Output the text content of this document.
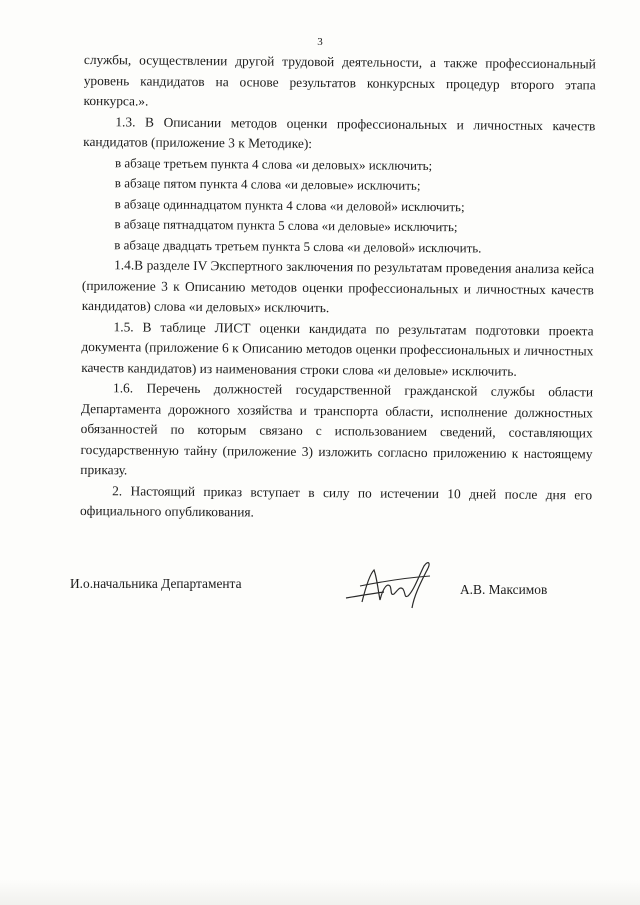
3

службы, осуществлении другой трудовой деятельности, а также профессиональный уровень кандидатов на основе результатов конкурсных процедур второго этапа конкурса.».

1.3. В Описании методов оценки профессиональных и личностных качеств кандидатов (приложение 3 к Методике):

в абзаце третьем пункта 4 слова «и деловых» исключить;

в абзаце пятом пункта 4 слова «и деловые» исключить;

в абзаце одиннадцатом пункта 4 слова «и деловой» исключить;

в абзаце пятнадцатом пункта 5 слова «и деловые» исключить;

в абзаце двадцать третьем пункта 5 слова «и деловой» исключить.

1.4.В разделе IV Экспертного заключения по результатам проведения анализа кейса (приложение 3 к Описанию методов оценки профессиональных и личностных качеств кандидатов) слова «и деловых» исключить.

1.5. В таблице ЛИСТ оценки кандидата по результатам подготовки проекта документа (приложение 6 к Описанию методов оценки профессиональных и личностных качеств кандидатов) из наименования строки слова «и деловые» исключить.

1.6. Перечень должностей государственной гражданской службы области Департамента дорожного хозяйства и транспорта области, исполнение должностных обязанностей по которым связано с использованием сведений, составляющих государственную тайну (приложение 3) изложить согласно приложению к настоящему приказу.

2. Настоящий приказ вступает в силу по истечении 10 дней после дня его официального опубликования.

И.о.начальника Департамента	А.В. Максимов
